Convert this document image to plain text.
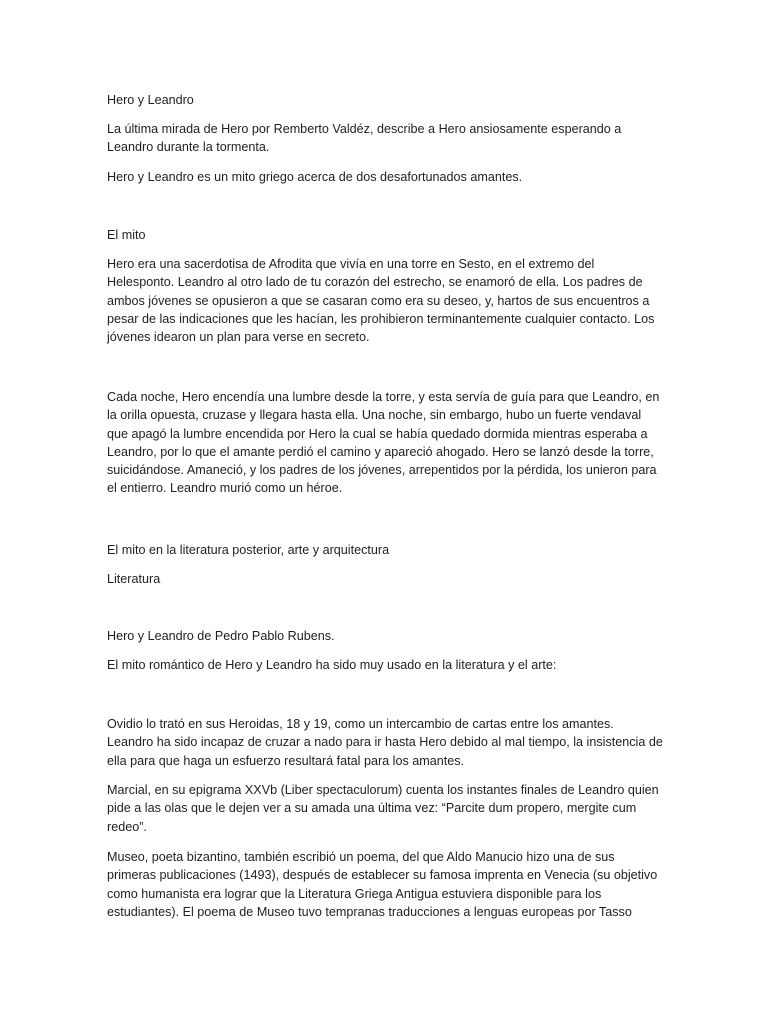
Hero y Leandro

La última mirada de Hero por Remberto Valdéz, describe a Hero ansiosamente esperando a
Leandro durante la tormenta.

Hero y Leandro es un mito griego acerca de dos desafortunados amantes.

El mito

Hero era una sacerdotisa de Afrodita que vivía en una torre en Sesto, en el extremo del
Helesponto. Leandro al otro lado de tu corazón del estrecho, se enamoró de ella. Los padres de
ambos jóvenes se opusieron a que se casaran como era su deseo, y, hartos de sus encuentros a
pesar de las indicaciones que les hacían, les prohibieron terminantemente cualquier contacto. Los
jóvenes idearon un plan para verse en secreto.

Cada noche, Hero encendía una lumbre desde la torre, y esta servía de guía para que Leandro, en
la orilla opuesta, cruzase y llegara hasta ella. Una noche, sin embargo, hubo un fuerte vendaval
que apagó la lumbre encendida por Hero la cual se había quedado dormida mientras esperaba a
Leandro, por lo que el amante perdió el camino y apareció ahogado. Hero se lanzó desde la torre,
suicidándose. Amaneció, y los padres de los jóvenes, arrepentidos por la pérdida, los unieron para
el entierro. Leandro murió como un héroe.

El mito en la literatura posterior, arte y arquitectura

Literatura

Hero y Leandro de Pedro Pablo Rubens.

El mito romántico de Hero y Leandro ha sido muy usado en la literatura y el arte:

Ovidio lo trató en sus Heroidas, 18 y 19, como un intercambio de cartas entre los amantes.
Leandro ha sido incapaz de cruzar a nado para ir hasta Hero debido al mal tiempo, la insistencia de
ella para que haga un esfuerzo resultará fatal para los amantes.

Marcial, en su epigrama XXVb (Liber spectaculorum) cuenta los instantes finales de Leandro quien
pide a las olas que le dejen ver a su amada una última vez: “Parcite dum propero, mergite cum
redeo”.

Museo, poeta bizantino, también escribió un poema, del que Aldo Manucio hizo una de sus
primeras publicaciones (1493), después de establecer su famosa imprenta en Venecia (su objetivo
como humanista era lograr que la Literatura Griega Antigua estuviera disponible para los
estudiantes). El poema de Museo tuvo tempranas traducciones a lenguas europeas por Tasso
